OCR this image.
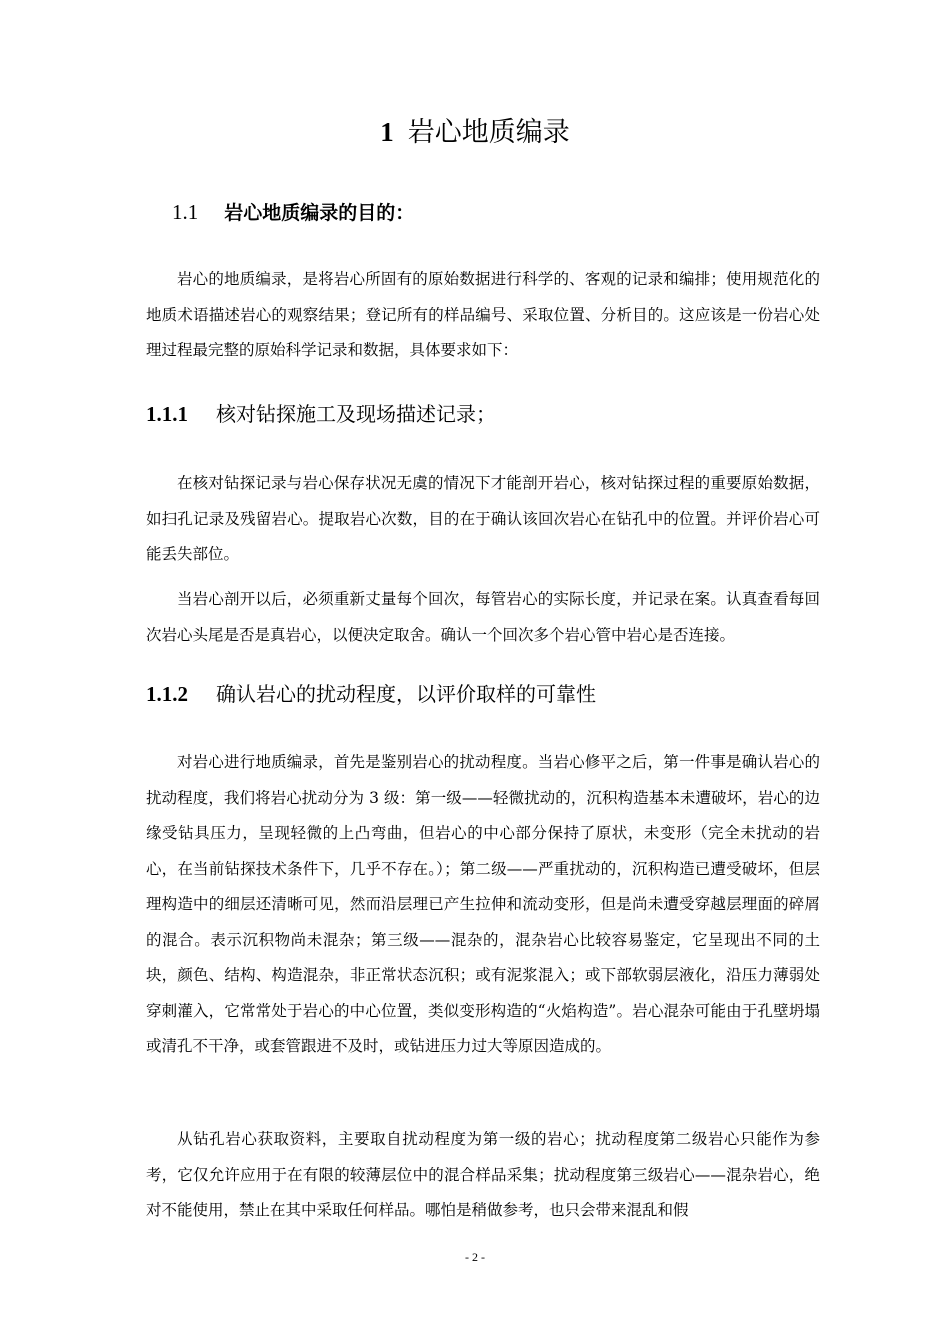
1 岩心地质编录
1.1 岩心地质编录的目的：
岩心的地质编录，是将岩心所固有的原始数据进行科学的、客观的记录和编排；使用规范化的地质术语描述岩心的观察结果；登记所有的样品编号、采取位置、分析目的。这应该是一份岩心处理过程最完整的原始科学记录和数据，具体要求如下：
1.1.1 核对钻探施工及现场描述记录；
在核对钻探记录与岩心保存状况无虞的情况下才能剖开岩心，核对钻探过程的重要原始数据，如扫孔记录及残留岩心。提取岩心次数，目的在于确认该回次岩心在钻孔中的位置。并评价岩心可能丢失部位。
当岩心剖开以后，必须重新丈量每个回次，每管岩心的实际长度，并记录在案。认真查看每回次岩心头尾是否是真岩心，以便决定取舍。确认一个回次多个岩心管中岩心是否连接。
1.1.2 确认岩心的扰动程度，以评价取样的可靠性
对岩心进行地质编录，首先是鉴别岩心的扰动程度。当岩心修平之后，第一件事是确认岩心的扰动程度，我们将岩心扰动分为 3 级：第一级——轻微扰动的，沉积构造基本未遭破坏，岩心的边缘受钻具压力，呈现轻微的上凸弯曲，但岩心的中心部分保持了原状，未变形（完全未扰动的岩心，在当前钻探技术条件下，几乎不存在。）；第二级——严重扰动的，沉积构造已遭受破坏，但层理构造中的细层还清晰可见，然而沿层理已产生拉伸和流动变形，但是尚未遭受穿越层理面的碎屑的混合。表示沉积物尚未混杂；第三级——混杂的，混杂岩心比较容易鉴定，它呈现出不同的土块，颜色、结构、构造混杂，非正常状态沉积；或有泥浆混入；或下部软弱层液化，沿压力薄弱处穿刺灌入，它常常处于岩心的中心位置，类似变形构造的“火焰构造”。岩心混杂可能由于孔壁坍塌或清孔不干净，或套管跟进不及时，或钻进压力过大等原因造成的。
从钻孔岩心获取资料，主要取自扰动程度为第一级的岩心；扰动程度第二级岩心只能作为参考，它仅允许应用于在有限的较薄层位中的混合样品采集；扰动程度第三级岩心——混杂岩心，绝对不能使用，禁止在其中采取任何样品。哪怕是稍做参考，也只会带来混乱和假
- 2 -
